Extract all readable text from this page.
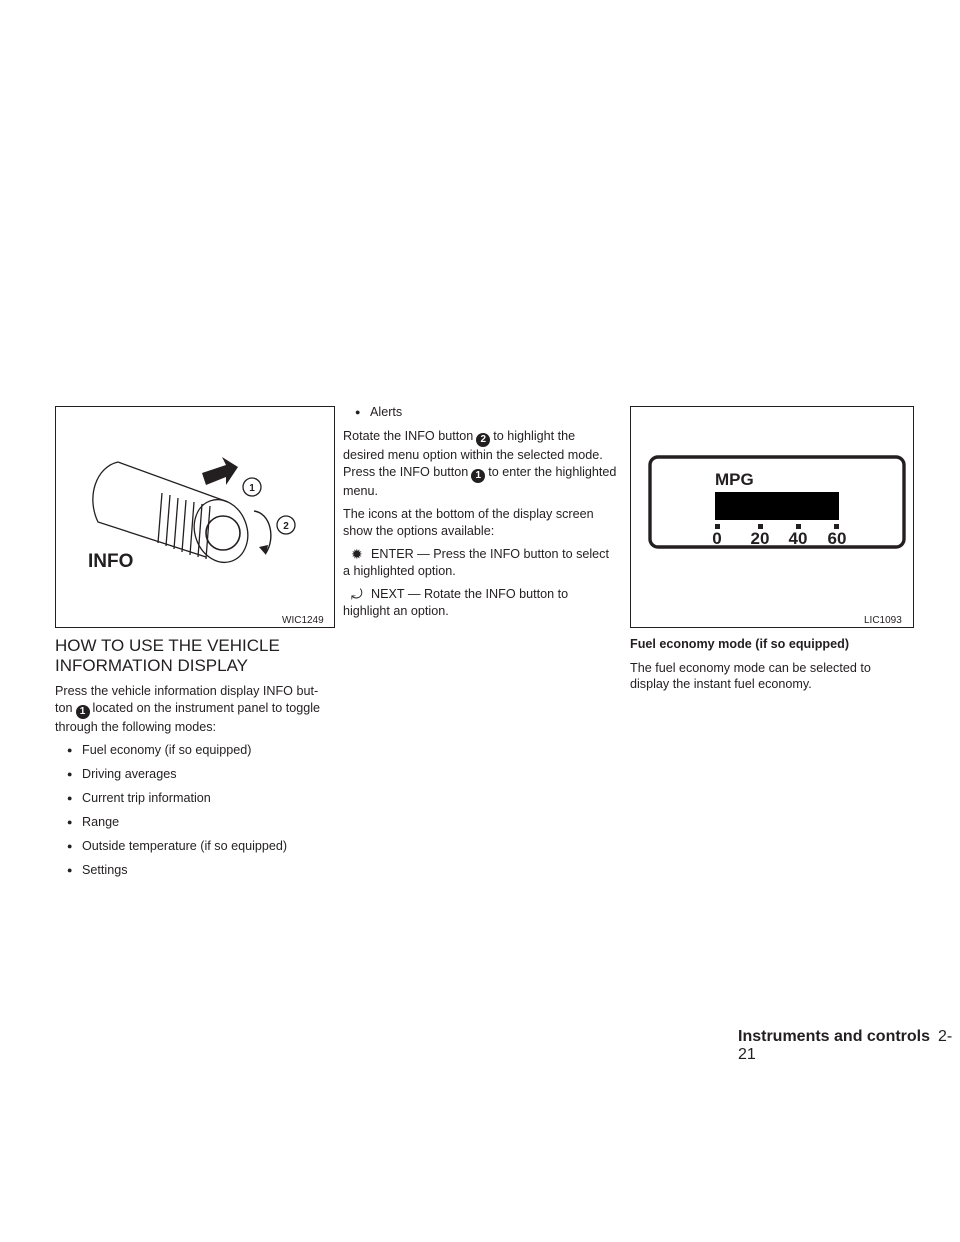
1
2
INFO
WIC1249
MPG
0 20 40 60
LIC1093
HOW TO USE THE VEHICLE
INFORMATION DISPLAY

Press the vehicle information display INFO but- ton 1 located on the instrument panel to toggle through the following modes:

● Fuel economy (if so equipped)
● Driving averages
● Current trip information
● Range
● Outside temperature (if so equipped)
● Settings
● Alerts

Rotate the INFO button 2 to highlight the desired menu option within the selected mode. Press the INFO button 1 to enter the highlighted menu.

The icons at the bottom of the display screen show the options available:

✹ ENTER — Press the INFO button to select a highlighted option.

⤾ NEXT — Rotate the INFO button to highlight an option.

Fuel economy mode (if so equipped)

The fuel economy mode can be selected to display the instant fuel economy.

Instruments and controls 2-21
